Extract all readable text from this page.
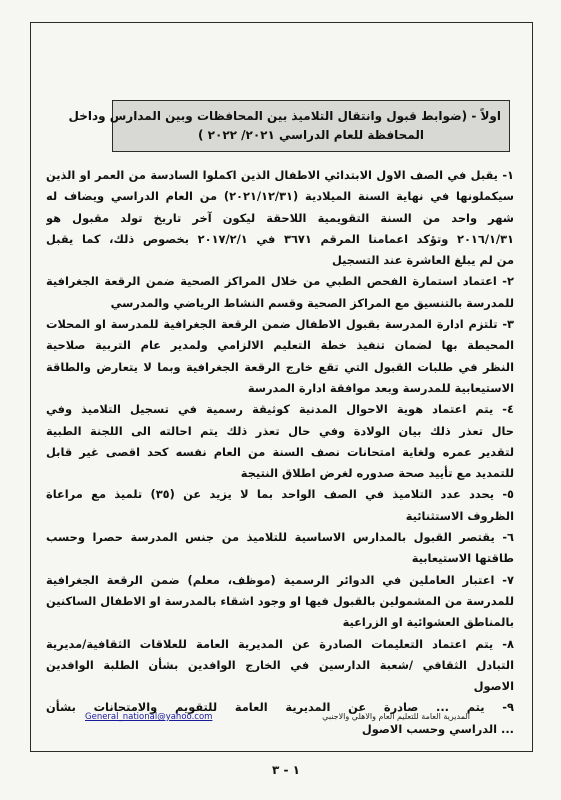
اولاً - (ضوابط قبول وانتقال التلاميذ بين المحافظات وبين المدارس وداخل
المحافظة للعام الدراسي ٢٠٢١/ ٢٠٢٢ )
١- يقبل في الصف الاول الابتدائي الاطفال الذين اكملوا السادسة من العمر او الذين
سيكملونها في نهاية السنة الميلادية (٢٠٢١/١٢/٣١) من العام الدراسي ويضاف له
شهر واحد من السنة التقويمية اللاحقة ليكون آخر تاريخ تولد مقبول هو
٢٠١٦/١/٣١ وتؤكد اعمامنا المرقم ٣٦٧١ في ٢٠١٧/٢/١ بخصوص ذلك، كما يقبل
من لم يبلغ العاشرة عند التسجيل
٢- اعتماد استمارة الفحص الطبي من خلال المراكز الصحية ضمن الرقعة الجغرافية
للمدرسة بالتنسيق مع المراكز الصحية وقسم النشاط الرياضي والمدرسي
٣- تلتزم ادارة المدرسة بقبول الاطفال ضمن الرقعة الجغرافية للمدرسة او المحلات
المحيطة بها لضمان تنفيذ خطة التعليم الالزامي ولمدير عام التربية صلاحية
النظر في طلبات القبول التي تقع خارج الرقعة الجغرافية وبما لا يتعارض والطاقة
الاستيعابية للمدرسة وبعد موافقة ادارة المدرسة
٤- يتم اعتماد هوية الاحوال المدنية كوثيقة رسمية في تسجيل التلاميذ وفي
حال تعذر ذلك بيان الولادة وفي حال تعذر ذلك يتم احالته الى اللجنة الطبية
لتقدير عمره ولغاية امتحانات نصف السنة من العام نفسه كحد اقصى غير قابل
للتمديد مع تأييد صحة صدوره لغرض اطلاق النتيجة
٥- يحدد عدد التلاميذ في الصف الواحد بما لا يزيد عن (٣٥) تلميذ مع مراعاة
الظروف الاستثنائية
٦- يقتصر القبول بالمدارس الاساسية للتلاميذ من جنس المدرسة حصرا وحسب
طاقتها الاستيعابية
٧- اعتبار العاملين في الدوائر الرسمية (موظف، معلم) ضمن الرقعة الجغرافية
للمدرسة من المشمولين بالقبول فيها او وجود اشقاء بالمدرسة او الاطفال الساكنين
بالمناطق العشوائية او الزراعية
٨- يتم اعتماد التعليمات الصادرة عن المديرية العامة للعلاقات الثقافية/مديرية
التبادل الثقافي /شعبة الدارسين في الخارج الوافدين بشأن الطلبة الوافدين
الاصول
٩- يتم ... صادرة عن المديرية العامة للتقويم والامتحانات بشأن
... الدراسي وحسب الاصول
General_national@yahoo.com	المديرية العامة للتعليم العام والاهلي والاجنبي
١ - ٣
